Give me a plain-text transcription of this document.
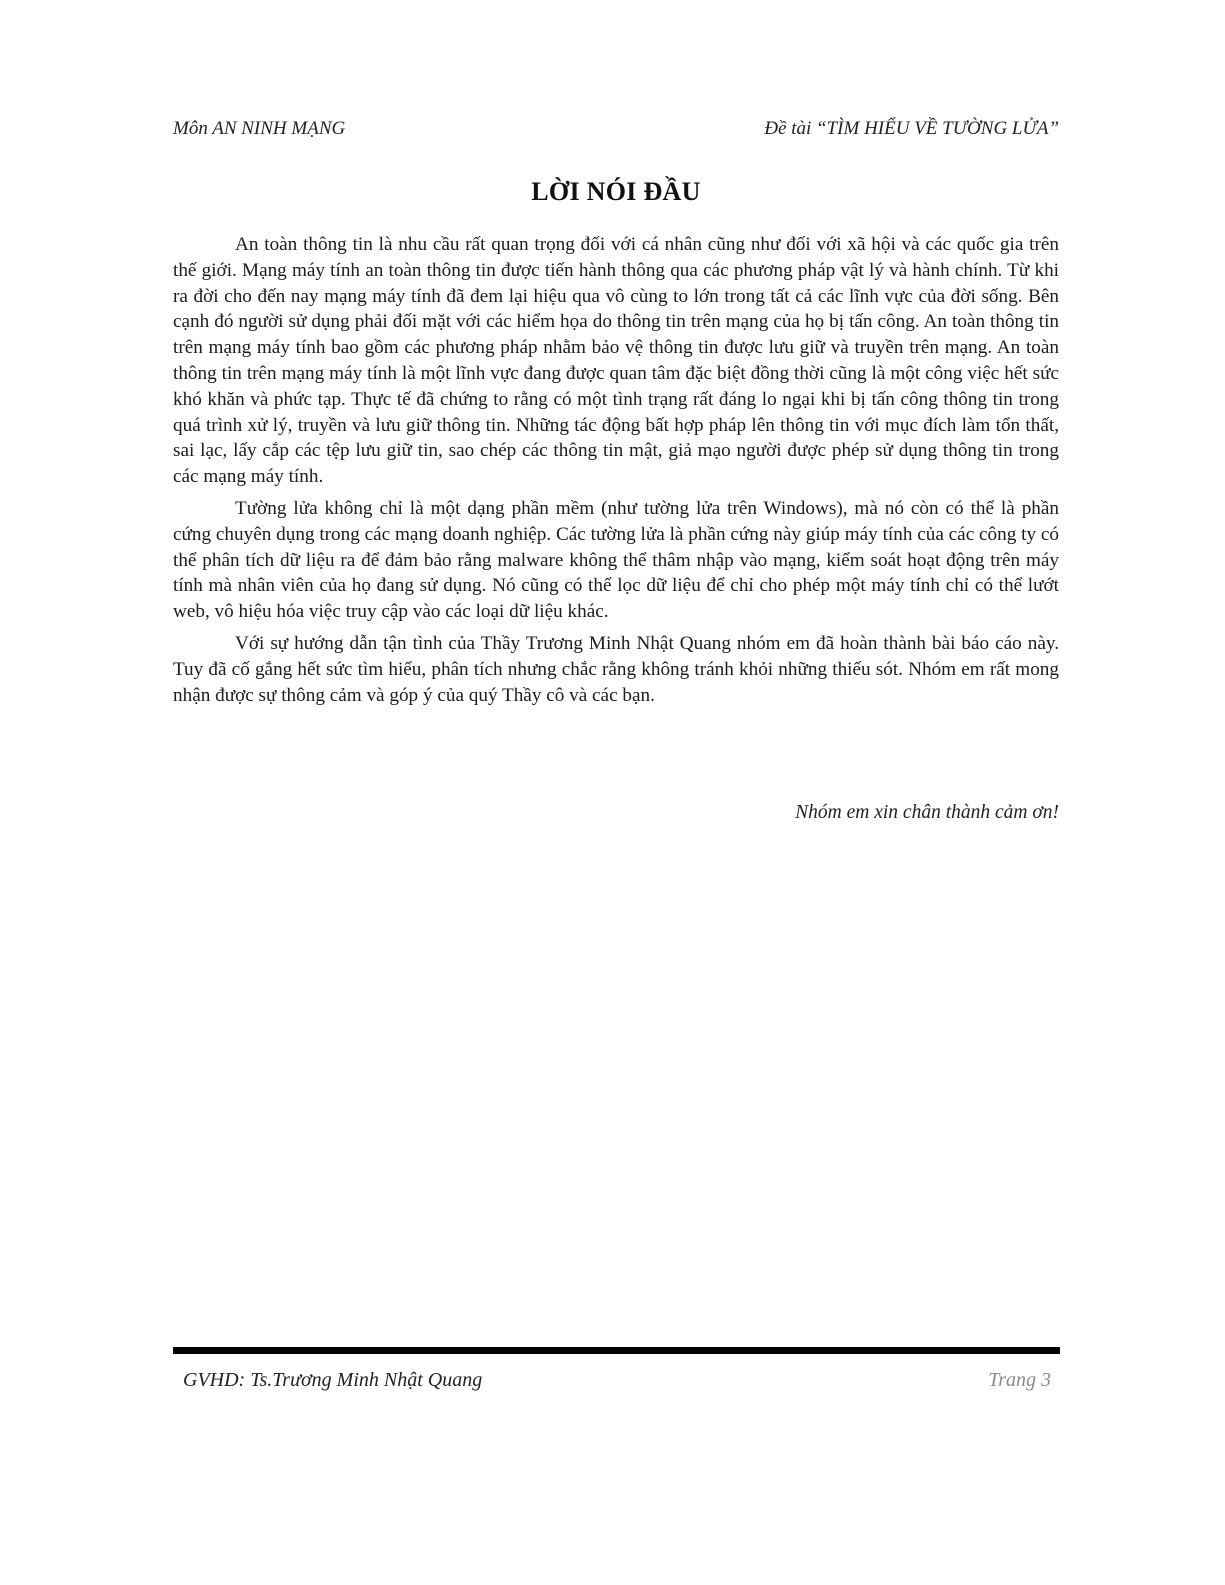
Môn AN NINH MẠNG	Đề tài “TÌM HIỂU VỀ TƯỜNG LỬA”
LỜI NÓI ĐẦU

An toàn thông tin là nhu cầu rất quan trọng đối với cá nhân cũng như đối với xã hội và các quốc gia trên thế giới. Mạng máy tính an toàn thông tin được tiến hành thông qua các phương pháp vật lý và hành chính. Từ khi ra đời cho đến nay mạng máy tính đã đem lại hiệu qua vô cùng to lớn trong tất cả các lĩnh vực của đời sống. Bên cạnh đó người sử dụng phải đối mặt với các hiểm họa do thông tin trên mạng của họ bị tấn công. An toàn thông tin trên mạng máy tính bao gồm các phương pháp nhằm bảo vệ thông tin được lưu giữ và truyền trên mạng. An toàn thông tin trên mạng máy tính là một lĩnh vực đang được quan tâm đặc biệt đồng thời cũng là một công việc hết sức khó khăn và phức tạp. Thực tế đã chứng to rằng có một tình trạng rất đáng lo ngại khi bị tấn công thông tin trong quá trình xử lý, truyền và lưu giữ thông tin. Những tác động bất hợp pháp lên thông tin với mục đích làm tổn thất, sai lạc, lấy cắp các tệp lưu giữ tin, sao chép các thông tin mật, giả mạo người được phép sử dụng thông tin trong các mạng máy tính.

Tường lửa không chỉ là một dạng phần mềm (như tường lửa trên Windows), mà nó còn có thể là phần cứng chuyên dụng trong các mạng doanh nghiệp. Các tường lửa là phần cứng này giúp máy tính của các công ty có thể phân tích dữ liệu ra để đảm bảo rằng malware không thể thâm nhập vào mạng, kiểm soát hoạt động trên máy tính mà nhân viên của họ đang sử dụng. Nó cũng có thể lọc dữ liệu để chỉ cho phép một máy tính chỉ có thể lướt web, vô hiệu hóa việc truy cập vào các loại dữ liệu khác.

Với sự hướng dẫn tận tình của Thầy Trương Minh Nhật Quang nhóm em đã hoàn thành bài báo cáo này. Tuy đã cố gắng hết sức tìm hiểu, phân tích nhưng chắc rằng không tránh khỏi những thiếu sót. Nhóm em rất mong nhận được sự thông cảm và góp ý của quý Thầy cô và các bạn.

Nhóm em xin chân thành cảm ơn!
GVHD: Ts.Trương Minh Nhật Quang	Trang 3
